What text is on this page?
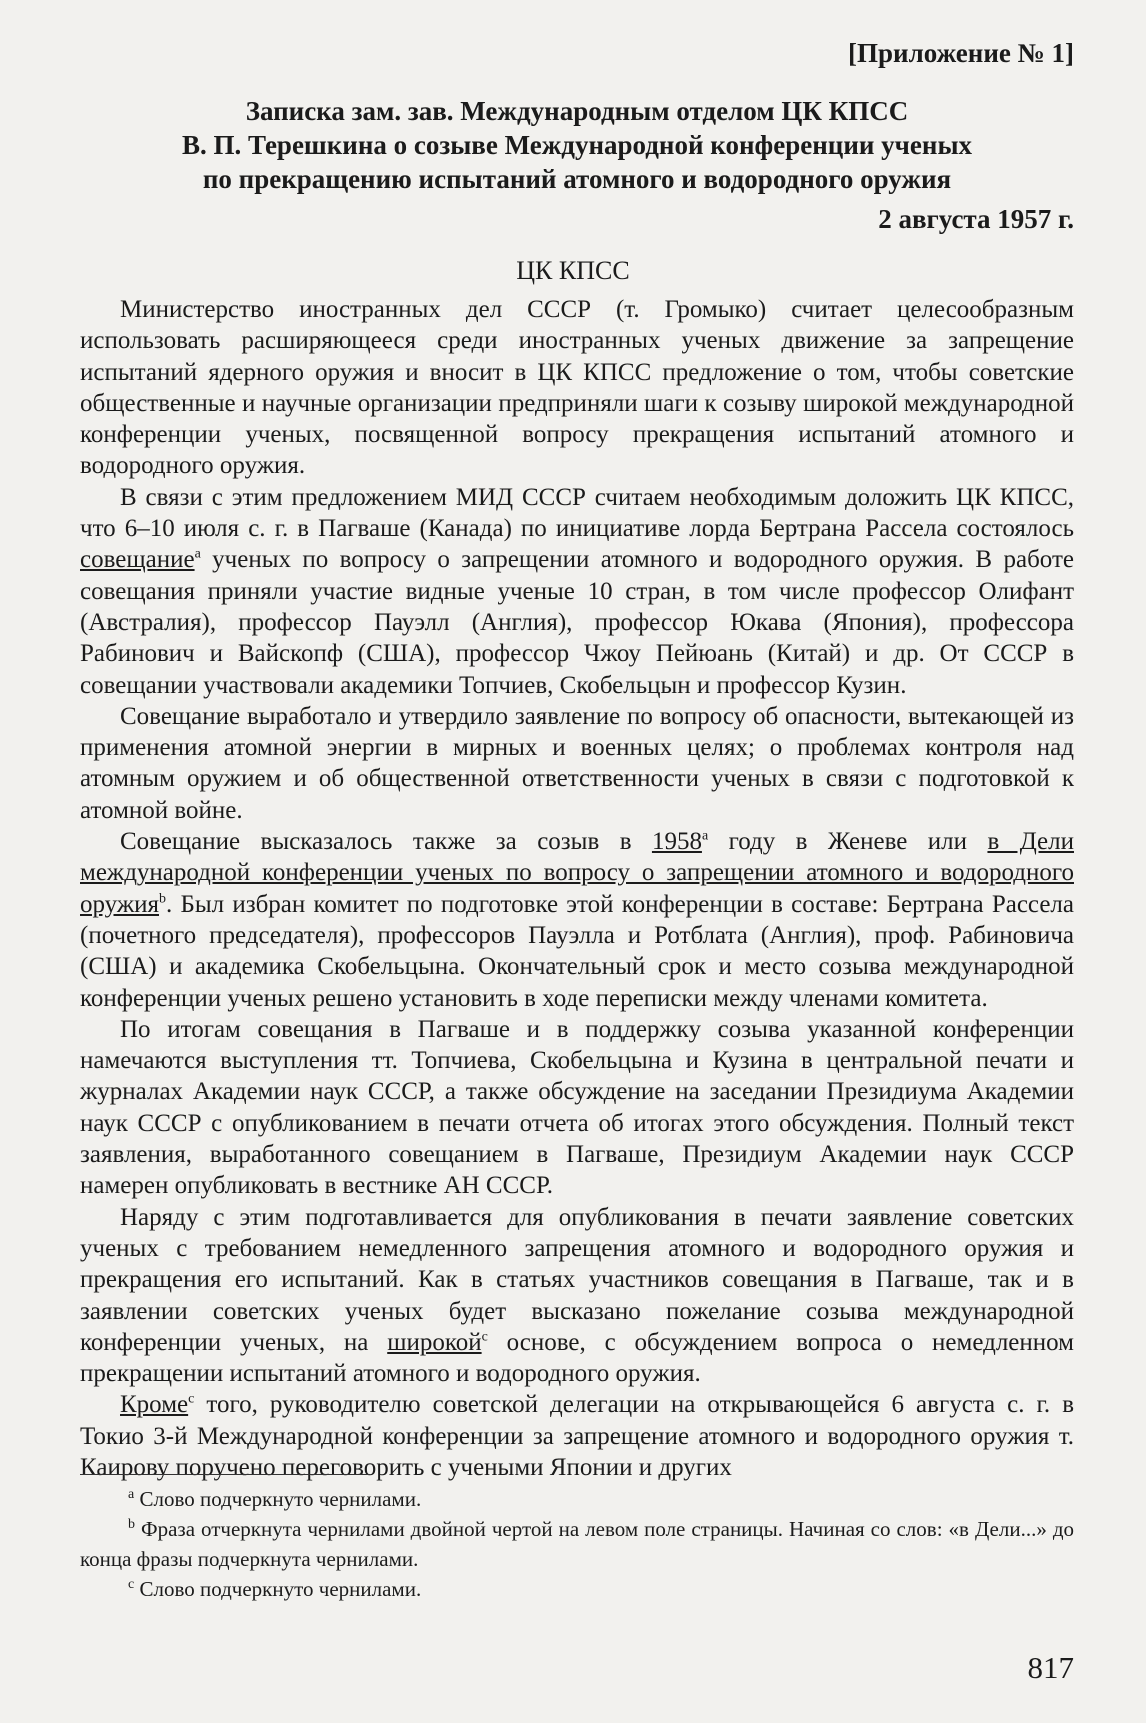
[Приложение № 1]
Записка зам. зав. Международным отделом ЦК КПСС
В. П. Терешкина о созыве Международной конференции ученых
по прекращению испытаний атомного и водородного оружия
2 августа 1957 г.
ЦК КПСС

Министерство иностранных дел СССР (т. Громыко) считает целесообразным использовать расширяющееся среди иностранных ученых движение за запрещение испытаний ядерного оружия и вносит в ЦК КПСС предложение о том, чтобы советские общественные и научные организации предприняли шаги к созыву широкой международной конференции ученых, посвященной вопросу прекращения испытаний атомного и водородного оружия.

В связи с этим предложением МИД СССР считаем необходимым доложить ЦК КПСС, что 6–10 июля с. г. в Пагваше (Канада) по инициативе лорда Бертрана Рассела состоялось совещание$^a$ ученых по вопросу о запрещении атомного и водородного оружия. В работе совещания приняли участие видные ученые 10 стран, в том числе профессор Олифант (Австралия), профессор Пауэлл (Англия), профессор Юкава (Япония), профессора Рабинович и Вайскопф (США), профессор Чжоу Пейюань (Китай) и др. От СССР в совещании участвовали академики Топчиев, Скобельцын и профессор Кузин.

Совещание выработало и утвердило заявление по вопросу об опасности, вытекающей из применения атомной энергии в мирных и военных целях; о проблемах контроля над атомным оружием и об общественной ответственности ученых в связи с подготовкой к атомной войне.

Совещание высказалось также за созыв в 1958$^a$ году в Женеве или в Дели международной конференции ученых по вопросу о запрещении атомного и водородного оружия$^b$. Был избран комитет по подготовке этой конференции в составе: Бертрана Рассела (почетного председателя), профессоров Пауэлла и Ротблата (Англия), проф. Рабиновича (США) и академика Скобельцына. Окончательный срок и место созыва международной конференции ученых решено установить в ходе переписки между членами комитета.

По итогам совещания в Пагваше и в поддержку созыва указанной конференции намечаются выступления тт. Топчиева, Скобельцына и Кузина в центральной печати и журналах Академии наук СССР, а также обсуждение на заседании Президиума Академии наук СССР с опубликованием в печати отчета об итогах этого обсуждения. Полный текст заявления, выработанного совещанием в Пагваше, Президиум Академии наук СССР намерен опубликовать в вестнике АН СССР.

Наряду с этим подготавливается для опубликования в печати заявление советских ученых с требованием немедленного запрещения атомного и водородного оружия и прекращения его испытаний. Как в статьях участников совещания в Пагваше, так и в заявлении советских ученых будет высказано пожелание созыва международной конференции ученых, на широкой$^c$ основе, с обсуждением вопроса о немедленном прекращении испытаний атомного и водородного оружия.

Кроме$^c$ того, руководителю советской делегации на открывающейся 6 августа с. г. в Токио 3-й Международной конференции за запрещение атомного и водородного оружия т. Каирову поручено переговорить с учеными Японии и других

$^a$ Слово подчеркнуто чернилами.

$^b$ Фраза отчеркнута чернилами двойной чертой на левом поле страницы. Начиная со слов: «в Дели...» до конца фразы подчеркнута чернилами.

$^c$ Слово подчеркнуто чернилами.

817
